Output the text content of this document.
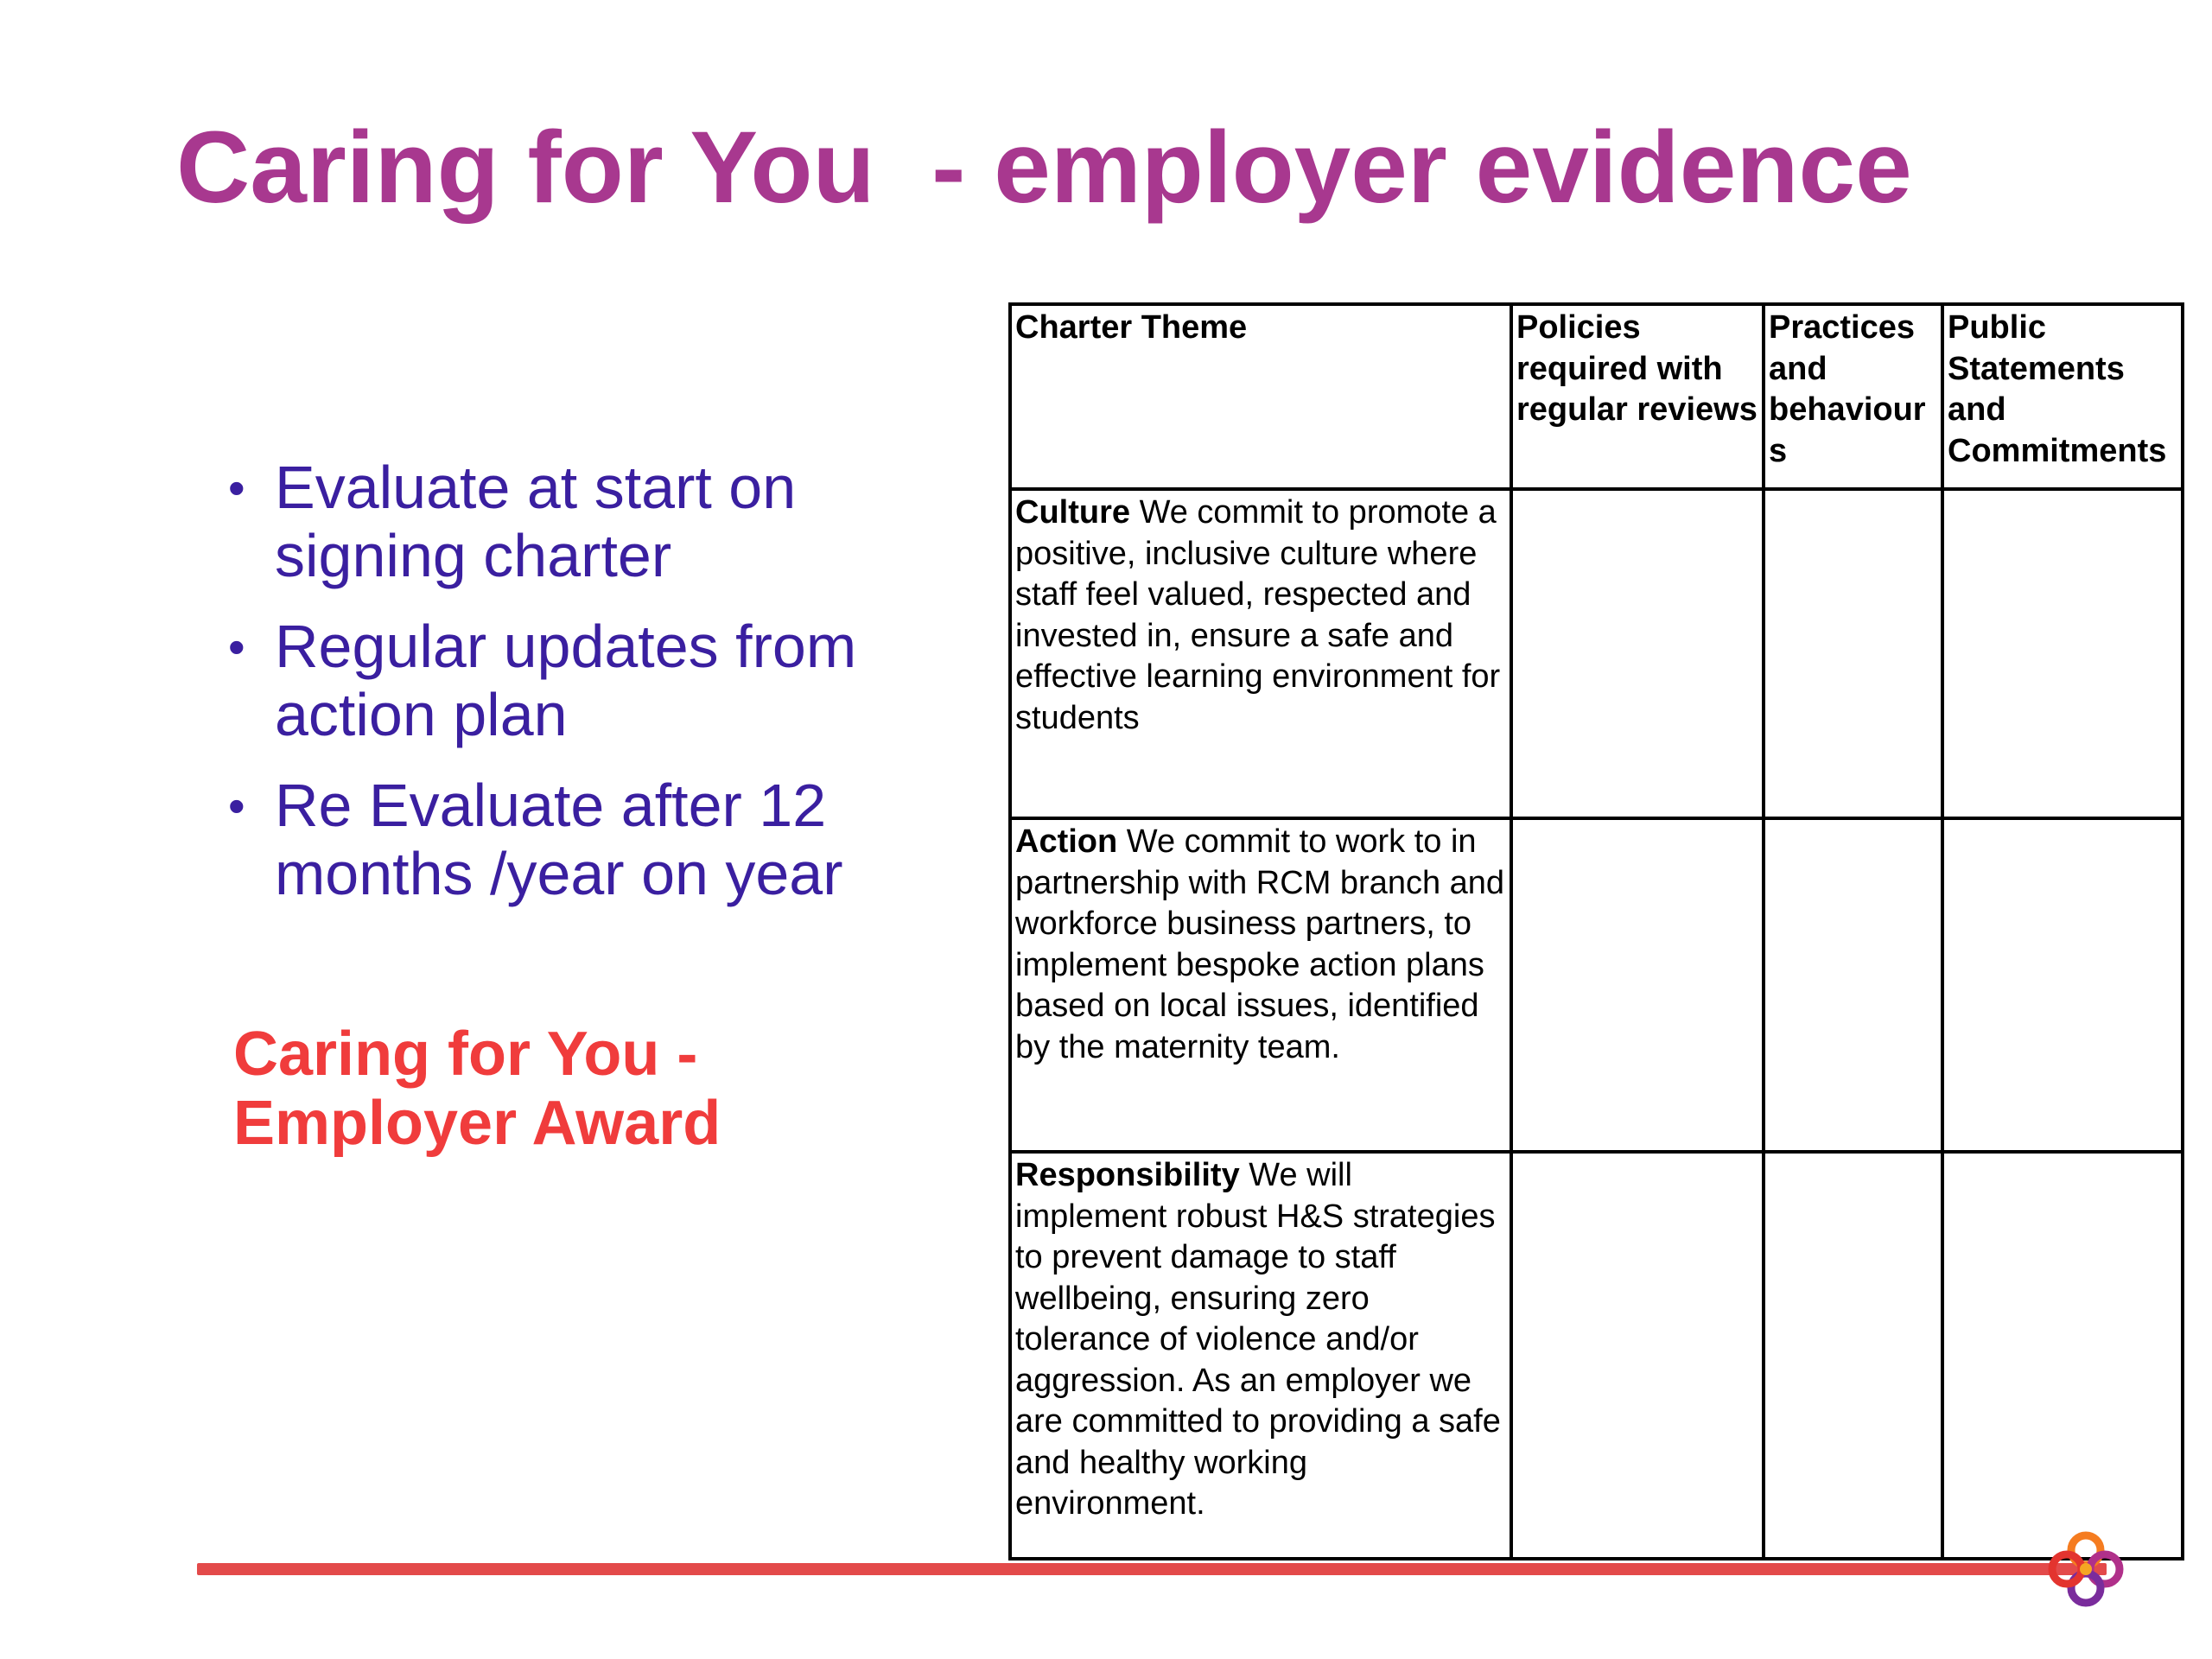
Caring for You  - employer evidence
• Evaluate at start on signing charter
• Regular updates from action plan
• Re Evaluate after 12 months /year on year

Caring for You - Employer Award

Charter Theme	Policies required with regular reviews	Practices and behaviours	Public Statements and Commitments
Culture We commit to promote a positive, inclusive culture where staff feel valued, respected and invested in, ensure a safe and effective learning environment for students			
Action We commit to work to in partnership with RCM branch and workforce business partners, to implement bespoke action plans based on local issues, identified by the maternity team.			
Responsibility We will implement robust H&S strategies to prevent damage to staff wellbeing, ensuring zero tolerance of violence and/or aggression. As an employer we are committed to providing a safe and healthy working environment.			
